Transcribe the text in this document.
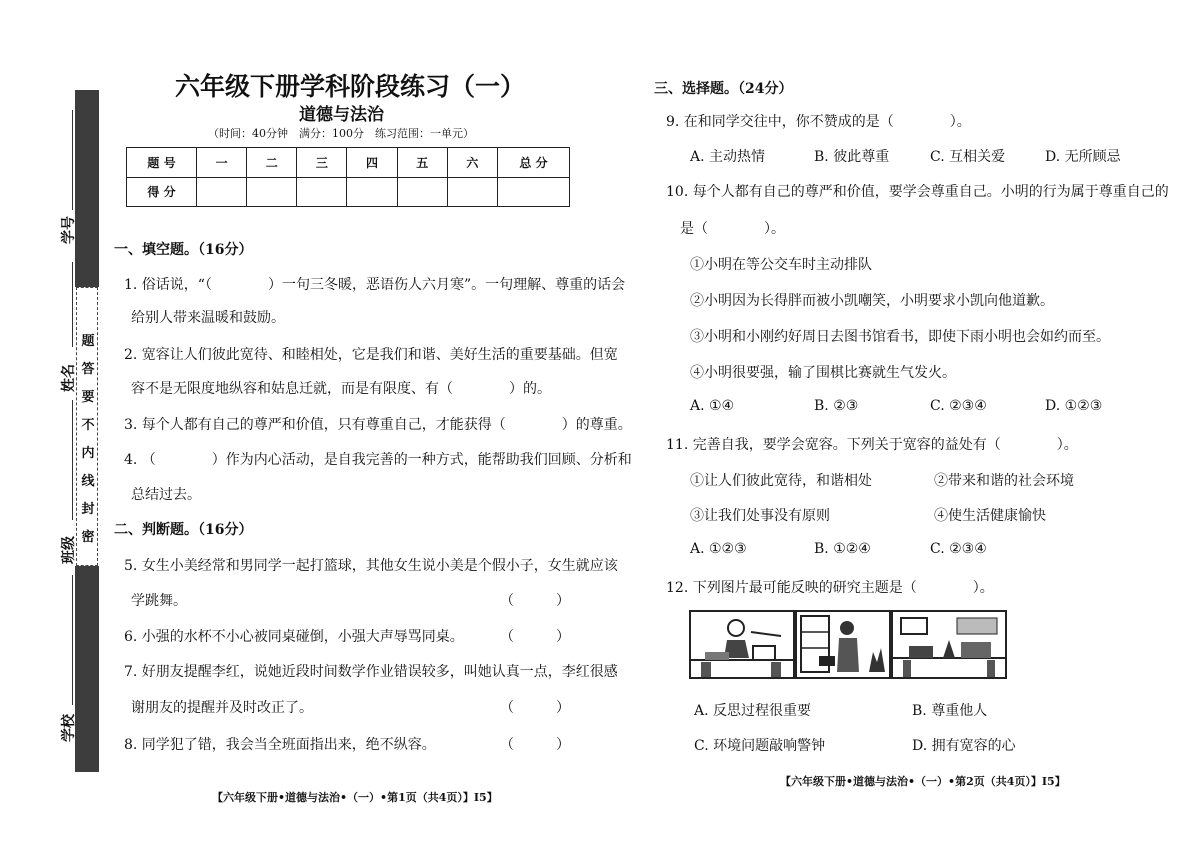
题
答
要
不
内
线
封
密
学号
姓名
班级
学校
六年级下册学科阶段练习（一）
道德与法治
（时间：40分钟　满分：100分　练习范围：一单元）
题 号	一	二	三	四	五	六	总 分
得 分							
一、填空题。（16分）
1. 俗话说，“（　　　　）一句三冬暖，恶语伤人六月寒”。一句理解、尊重的话会
给别人带来温暖和鼓励。
2. 宽容让人们彼此宽待、和睦相处，它是我们和谐、美好生活的重要基础。但宽
容不是无限度地纵容和姑息迁就，而是有限度、有（　　　　）的。
3. 每个人都有自己的尊严和价值，只有尊重自己，才能获得（　　　　）的尊重。
4. （　　　　）作为内心活动，是自我完善的一种方式，能帮助我们回顾、分析和
总结过去。
二、判断题。（16分）
5. 女生小美经常和男同学一起打篮球，其他女生说小美是个假小子，女生就应该
学跳舞。	（　　　）
6. 小强的水杯不小心被同桌碰倒，小强大声辱骂同桌。	（　　　）
7. 好朋友提醒李红，说她近段时间数学作业错误较多，叫她认真一点，李红很感
谢朋友的提醒并及时改正了。	（　　　）
8. 同学犯了错，我会当全班面指出来，绝不纵容。	（　　　）
【六年级下册•道德与法治•（一）•第1页（共4页）】I5】
三、选择题。（24分）
9. 在和同学交往中，你不赞成的是（　　　　）。
A. 主动热情	B. 彼此尊重	C. 互相关爱	D. 无所顾忌
10. 每个人都有自己的尊严和价值，要学会尊重自己。小明的行为属于尊重自己的
是（　　　　）。
①小明在等公交车时主动排队
②小明因为长得胖而被小凯嘲笑，小明要求小凯向他道歉。
③小明和小刚约好周日去图书馆看书，即使下雨小明也会如约而至。
④小明很要强，输了围棋比赛就生气发火。
A. ①④	B. ②③	C. ②③④	D. ①②③
11. 完善自我，要学会宽容。下列关于宽容的益处有（　　　　）。
①让人们彼此宽待，和谐相处	②带来和谐的社会环境
③让我们处事没有原则	④使生活健康愉快
A. ①②③	B. ①②④	C. ②③④
12. 下列图片最可能反映的研究主题是（　　　　）。
A. 反思过程很重要	B. 尊重他人
C. 环境问题敲响警钟	D. 拥有宽容的心
【六年级下册•道德与法治•（一）•第2页（共4页）】I5】
